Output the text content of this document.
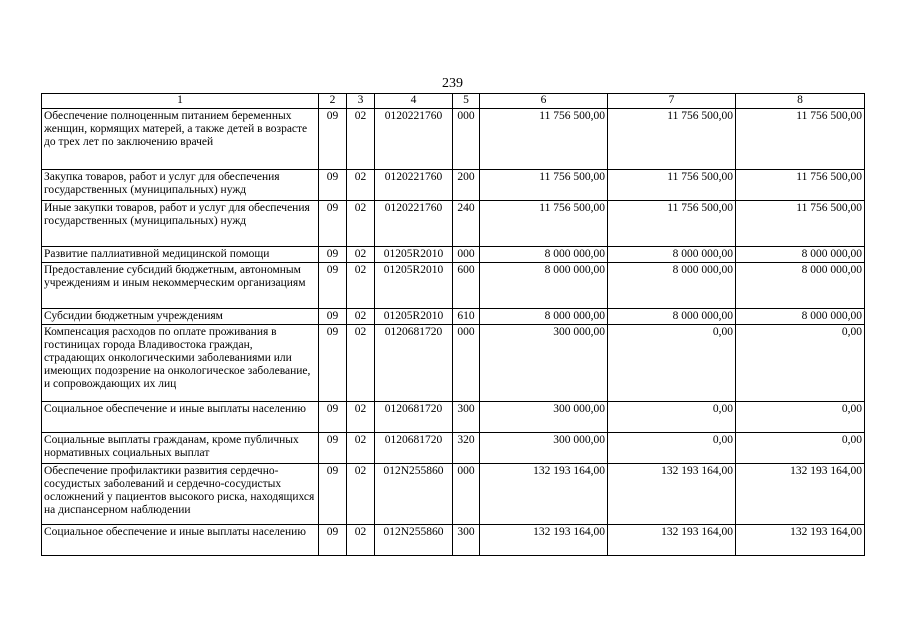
239
1	2	3	4	5	6	7	8
Обеспечение полноценным питанием беременных женщин, кормящих матерей, а также детей в возрасте до трех лет по заключению врачей	09	02	0120221760	000	11 756 500,00	11 756 500,00	11 756 500,00
Закупка товаров, работ и услуг для обеспечения государственных (муниципальных) нужд	09	02	0120221760	200	11 756 500,00	11 756 500,00	11 756 500,00
Иные закупки товаров, работ и услуг для обеспечения государственных (муниципальных) нужд	09	02	0120221760	240	11 756 500,00	11 756 500,00	11 756 500,00
Развитие паллиативной медицинской помощи	09	02	01205R2010	000	8 000 000,00	8 000 000,00	8 000 000,00
Предоставление субсидий бюджетным, автономным учреждениям и иным некоммерческим организациям	09	02	01205R2010	600	8 000 000,00	8 000 000,00	8 000 000,00
Субсидии бюджетным учреждениям	09	02	01205R2010	610	8 000 000,00	8 000 000,00	8 000 000,00
Компенсация расходов по оплате проживания в гостиницах города Владивостока граждан, страдающих онкологическими заболеваниями или имеющих подозрение на онкологическое заболевание, и сопровождающих их лиц	09	02	0120681720	000	300 000,00	0,00	0,00
Социальное обеспечение и иные выплаты населению	09	02	0120681720	300	300 000,00	0,00	0,00
Социальные выплаты гражданам, кроме публичных нормативных социальных выплат	09	02	0120681720	320	300 000,00	0,00	0,00
Обеспечение профилактики развития сердечно-сосудистых заболеваний и сердечно-сосудистых осложнений у пациентов высокого риска, находящихся на диспансерном наблюдении	09	02	012N255860	000	132 193 164,00	132 193 164,00	132 193 164,00
Социальное обеспечение и иные выплаты населению	09	02	012N255860	300	132 193 164,00	132 193 164,00	132 193 164,00
